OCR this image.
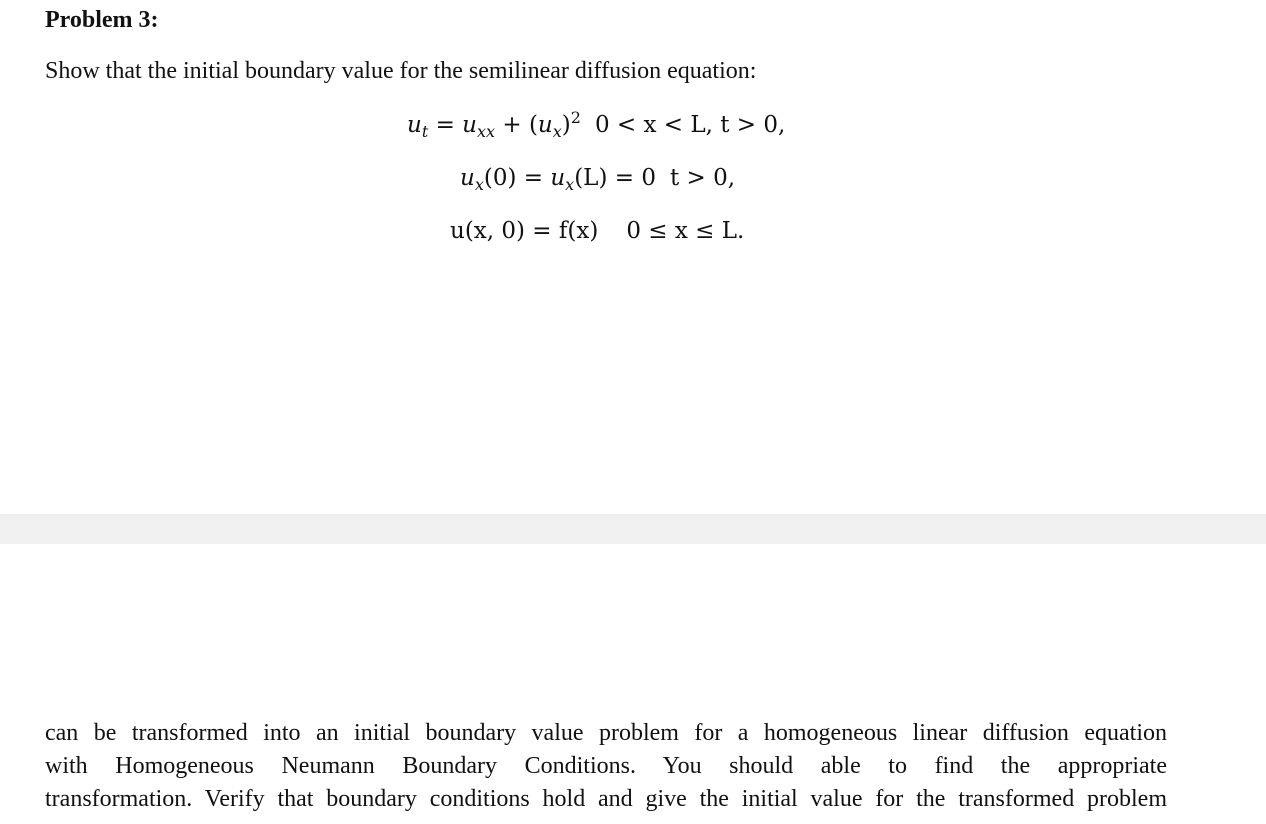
Problem 3:

Show that the initial boundary value for the semilinear diffusion equation:

$u_t = u_{xx} + (u_x)^2$ 0 < x < L, t > 0,
$u_x(0) = u_x(L) = 0$ t > 0,
u(x, 0) = f(x) 0 ≤ x ≤ L.
can be transformed into an initial boundary value problem for a homogeneous linear diffusion equation
with Homogeneous Neumann Boundary Conditions. You should able to find the appropriate
transformation. Verify that boundary conditions hold and give the initial value for the transformed problem
